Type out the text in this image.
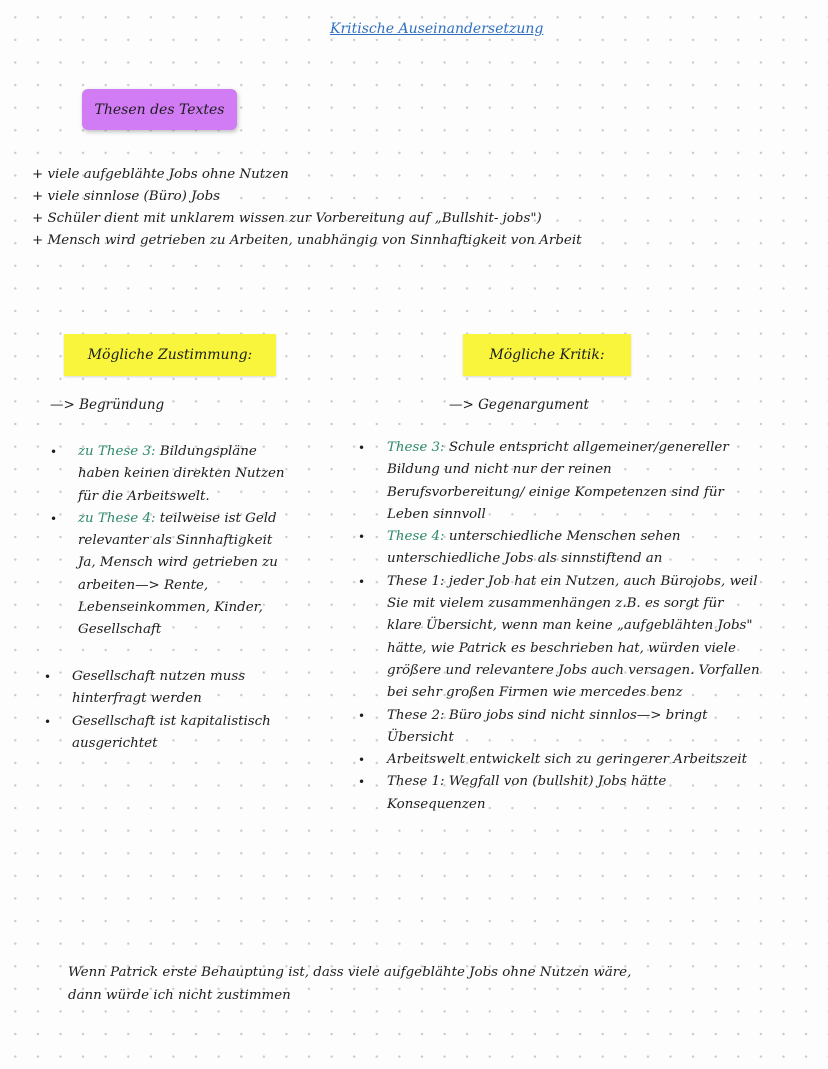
Kritische Auseinandersetzung
Thesen des Textes
+ viele aufgeblähte Jobs ohne Nutzen
+ viele sinnlose (Büro) Jobs
+ Schüler dient mit unklarem wissen zur Vorbereitung auf „Bullshit- jobs")
+ Mensch wird getrieben zu Arbeiten, unabhängig von Sinnhaftigkeit von Arbeit
Mögliche Zustimmung:
—> Begründung
• zu These 3: Bildungspläne
haben keinen direkten Nutzen
für die Arbeitswelt.
• zu These 4: teilweise ist Geld
relevanter als Sinnhaftigkeit
Ja, Mensch wird getrieben zu
arbeiten—> Rente,
Lebenseinkommen, Kinder,
Gesellschaft
• Gesellschaft nutzen muss
hinterfragt werden
• Gesellschaft ist kapitalistisch
ausgerichtet
Mögliche Kritik:
—> Gegenargument
• These 3: Schule entspricht allgemeiner/genereller
Bildung und nicht nur der reinen
Berufsvorbereitung/ einige Kompetenzen sind für
Leben sinnvoll
• These 4: unterschiedliche Menschen sehen
unterschiedliche Jobs als sinnstiftend an
• These 1: jeder Job hat ein Nutzen, auch Bürojobs, weil
Sie mit vielem zusammenhängen z.B. es sorgt für
klare Übersicht, wenn man keine „aufgeblähten Jobs"
hätte, wie Patrick es beschrieben hat, würden viele
größere und relevantere Jobs auch versagen. Vorfallen
bei sehr großen Firmen wie mercedes benz
• These 2: Büro jobs sind nicht sinnlos—> bringt
Übersicht
• Arbeitswelt entwickelt sich zu geringerer Arbeitszeit
• These 1: Wegfall von (bullshit) Jobs hätte
Konsequenzen
Wenn Patrick erste Behauptung ist, dass viele aufgeblähte Jobs ohne Nutzen wäre,
dann würde ich nicht zustimmen
